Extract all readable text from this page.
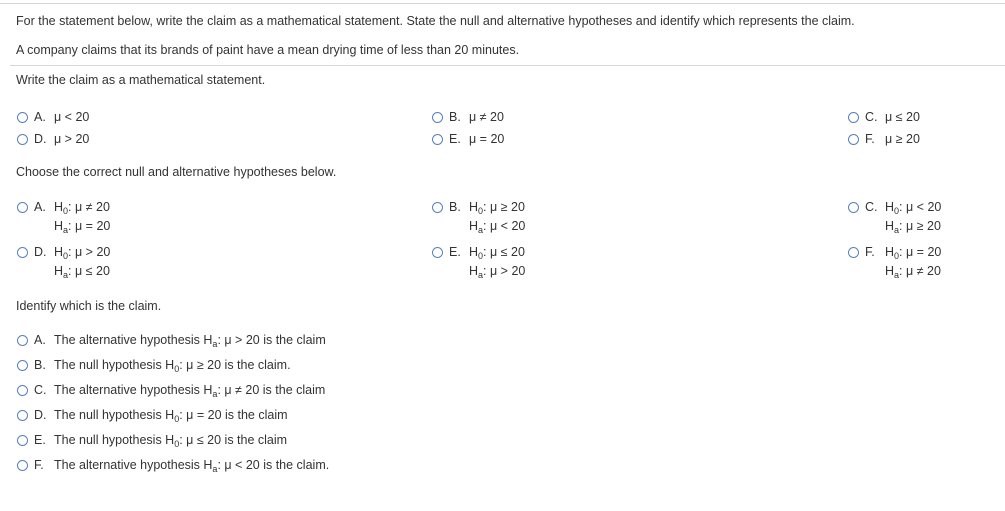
For the statement below, write the claim as a mathematical statement. State the null and alternative hypotheses and identify which represents the claim.
A company claims that its brands of paint have a mean drying time of less than 20 minutes.
Write the claim as a mathematical statement.
A. μ < 20	B. μ ≠ 20	C. μ ≤ 20
D. μ > 20	E. μ = 20	F. μ ≥ 20
Choose the correct null and alternative hypotheses below.
A. $H_0$: μ ≠ 20
$H_a$: μ = 20
B. $H_0$: μ ≥ 20
$H_a$: μ < 20
C. $H_0$: μ < 20
$H_a$: μ ≥ 20
D. $H_0$: μ > 20
$H_a$: μ ≤ 20
E. $H_0$: μ ≤ 20
$H_a$: μ > 20
F. $H_0$: μ = 20
$H_a$: μ ≠ 20
Identify which is the claim.
A. The alternative hypothesis $H_a$: μ > 20 is the claim
B. The null hypothesis $H_0$: μ ≥ 20 is the claim.
C. The alternative hypothesis $H_a$: μ ≠ 20 is the claim
D. The null hypothesis $H_0$: μ = 20 is the claim
E. The null hypothesis $H_0$: μ ≤ 20 is the claim
F. The alternative hypothesis $H_a$: μ < 20 is the claim.
